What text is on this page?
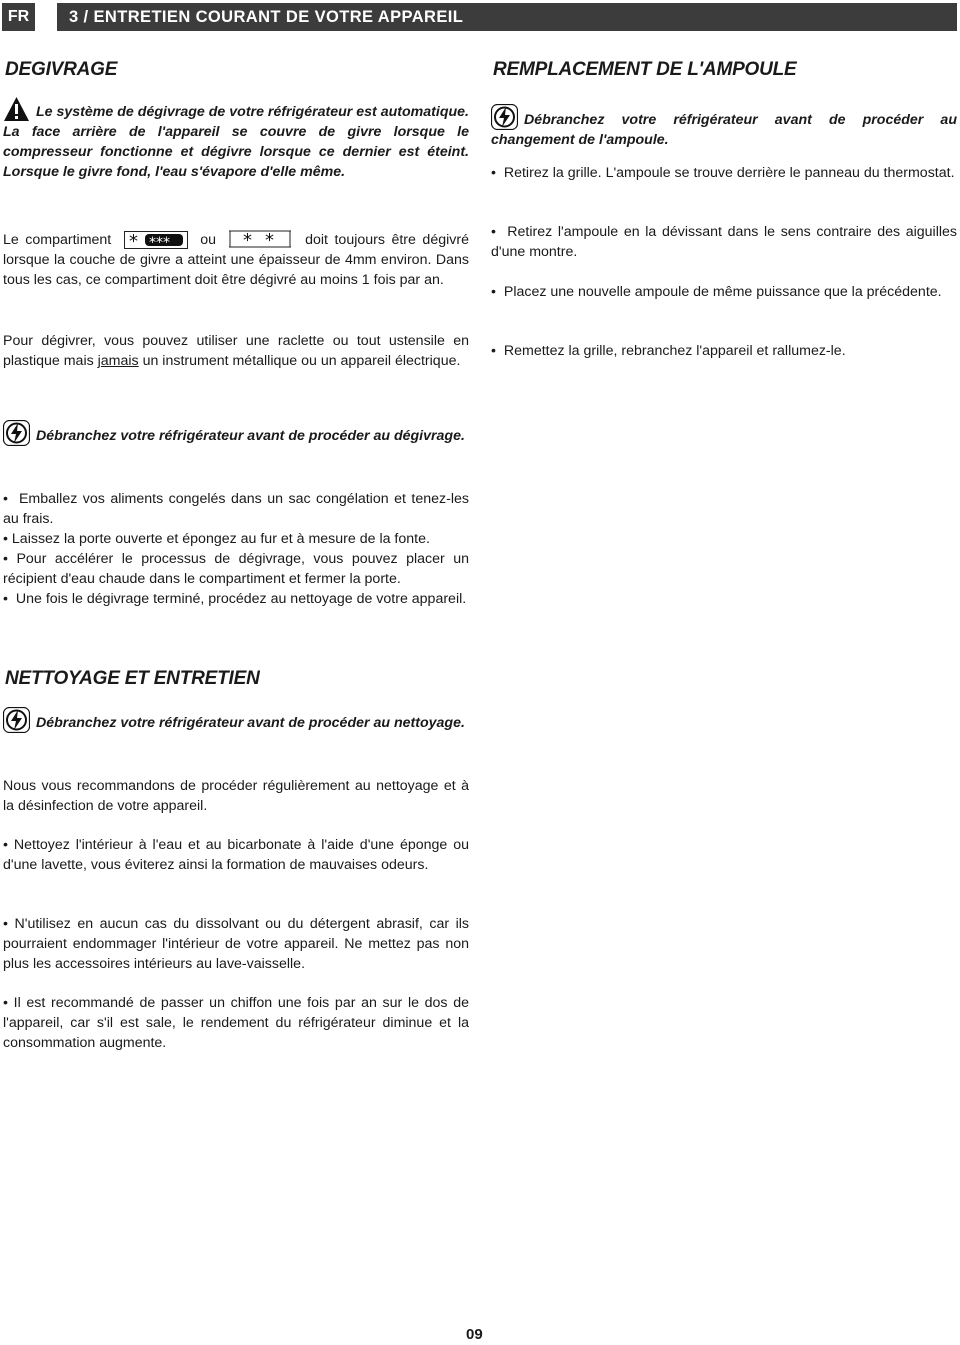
FR	3 / ENTRETIEN COURANT DE VOTRE APPAREIL
DEGIVRAGE

Le système de dégivrage de votre réfrigérateur est automatique. La face arrière de l'appareil se couvre de givre lorsque le compresseur fonctionne et dégivre lorsque ce dernier est éteint. Lorsque le givre fond, l'eau s'évapore d'elle même.

Le compartiment * *** ou * * doit toujours être dégivré lorsque la couche de givre a atteint une épaisseur de 4mm environ. Dans tous les cas, ce compartiment doit être dégivré au moins 1 fois par an.

Pour dégivrer, vous pouvez utiliser une raclette ou tout ustensile en plastique mais jamais un instrument métallique ou un appareil électrique.

Débranchez votre réfrigérateur avant de procéder au dégivrage.

•  Emballez vos aliments congelés dans un sac congélation et tenez-les au frais.

• Laissez la porte ouverte et épongez au fur et à mesure de la fonte.

• Pour accélérer le processus de dégivrage, vous pouvez placer un récipient d'eau chaude dans le compartiment et fermer la porte.

•  Une fois le dégivrage terminé, procédez au nettoyage de votre appareil.

NETTOYAGE ET ENTRETIEN

Débranchez votre réfrigérateur avant de procéder au nettoyage.

Nous vous recommandons de procéder régulièrement au nettoyage et à la désinfection de votre appareil.

• Nettoyez l'intérieur à l'eau et au bicarbonate à l'aide d'une éponge ou d'une lavette, vous éviterez ainsi la formation de mauvaises odeurs.

• N'utilisez en aucun cas du dissolvant ou du détergent abrasif, car ils pourraient endommager l'intérieur de votre appareil. Ne mettez pas non plus les accessoires intérieurs au lave-vaisselle.

• Il est recommandé de passer un chiffon une fois par an sur le dos de l'appareil, car s'il est sale, le rendement du réfrigérateur diminue et la consommation augmente.

REMPLACEMENT DE L'AMPOULE

Débranchez votre réfrigérateur avant de procéder au changement de l'ampoule.

•  Retirez la grille. L'ampoule se trouve derrière le panneau du thermostat.

•  Retirez l'ampoule en la dévissant dans le sens contraire des aiguilles d'une montre.

•  Placez une nouvelle ampoule de même puissance que la précédente.

•  Remettez la grille, rebranchez l'appareil et rallumez-le.

09
